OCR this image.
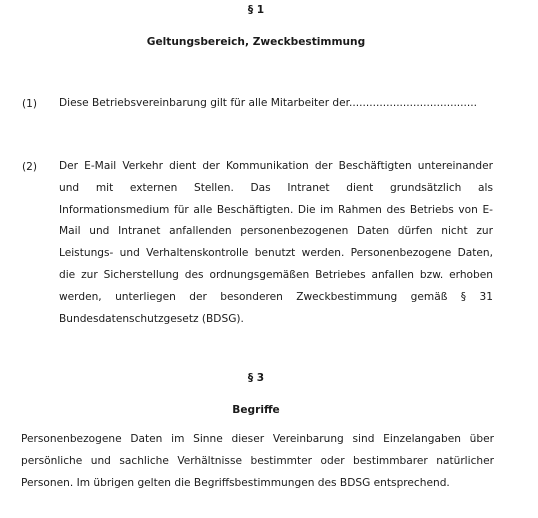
§ 1
Geltungsbereich, Zweckbestimmung
(1) Diese Betriebsvereinbarung gilt für alle Mitarbeiter der......................................
(2) Der E-Mail Verkehr dient der Kommunikation der Beschäftigten untereinander und mit externen Stellen. Das Intranet dient grundsätzlich als Informationsmedium für alle Beschäftigten. Die im Rahmen des Betriebs von E-Mail und Intranet anfallenden personenbezogenen Daten dürfen nicht zur Leistungs- und Verhaltenskontrolle benutzt werden. Personenbezogene Daten, die zur Sicherstellung des ordnungsgemäßen Betriebes anfallen bzw. erhoben werden, unterliegen der besonderen Zweckbestimmung gemäß § 31 Bundesdatenschutzgesetz (BDSG).
§ 3
Begriffe
Personenbezogene Daten im Sinne dieser Vereinbarung sind Einzelangaben über persönliche und sachliche Verhältnisse bestimmter oder bestimmbarer natürlicher Personen. Im übrigen gelten die Begriffsbestimmungen des BDSG entsprechend.
